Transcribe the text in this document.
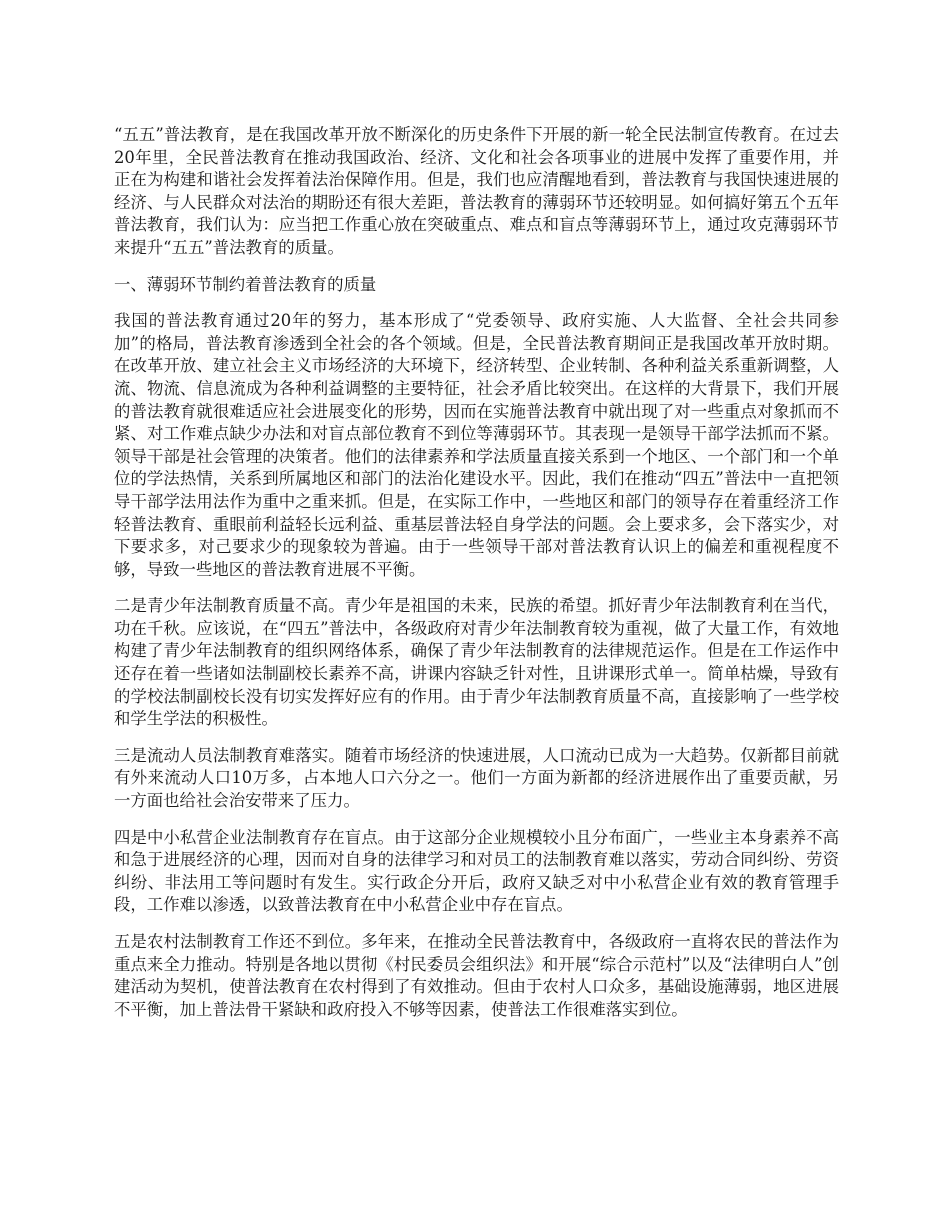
“五五”普法教育，是在我国改革开放不断深化的历史条件下开展的新一轮全民法制宣传教育。在过去20年里，全民普法教育在推动我国政治、经济、文化和社会各项事业的进展中发挥了重要作用，并正在为构建和谐社会发挥着法治保障作用。但是，我们也应清醒地看到，普法教育与我国快速进展的经济、与人民群众对法治的期盼还有很大差距，普法教育的薄弱环节还较明显。如何搞好第五个五年普法教育，我们认为：应当把工作重心放在突破重点、难点和盲点等薄弱环节上，通过攻克薄弱环节来提升“五五”普法教育的质量。

一、薄弱环节制约着普法教育的质量

我国的普法教育通过20年的努力，基本形成了“党委领导、政府实施、人大监督、全社会共同参加”的格局，普法教育渗透到全社会的各个领域。但是，全民普法教育期间正是我国改革开放时期。在改革开放、建立社会主义市场经济的大环境下，经济转型、企业转制、各种利益关系重新调整，人流、物流、信息流成为各种利益调整的主要特征，社会矛盾比较突出。在这样的大背景下，我们开展的普法教育就很难适应社会进展变化的形势，因而在实施普法教育中就出现了对一些重点对象抓而不紧、对工作难点缺少办法和对盲点部位教育不到位等薄弱环节。其表现一是领导干部学法抓而不紧。领导干部是社会管理的决策者。他们的法律素养和学法质量直接关系到一个地区、一个部门和一个单位的学法热情，关系到所属地区和部门的法治化建设水平。因此，我们在推动“四五”普法中一直把领导干部学法用法作为重中之重来抓。但是，在实际工作中，一些地区和部门的领导存在着重经济工作轻普法教育、重眼前利益轻长远利益、重基层普法轻自身学法的问题。会上要求多，会下落实少，对下要求多，对己要求少的现象较为普遍。由于一些领导干部对普法教育认识上的偏差和重视程度不够，导致一些地区的普法教育进展不平衡。

二是青少年法制教育质量不高。青少年是祖国的未来，民族的希望。抓好青少年法制教育利在当代，功在千秋。应该说，在“四五”普法中，各级政府对青少年法制教育较为重视，做了大量工作，有效地构建了青少年法制教育的组织网络体系，确保了青少年法制教育的法律规范运作。但是在工作运作中还存在着一些诸如法制副校长素养不高，讲课内容缺乏针对性，且讲课形式单一。简单枯燥，导致有的学校法制副校长没有切实发挥好应有的作用。由于青少年法制教育质量不高，直接影响了一些学校和学生学法的积极性。

三是流动人员法制教育难落实。随着市场经济的快速进展，人口流动已成为一大趋势。仅新都目前就有外来流动人口10万多，占本地人口六分之一。他们一方面为新都的经济进展作出了重要贡献，另一方面也给社会治安带来了压力。

四是中小私营企业法制教育存在盲点。由于这部分企业规模较小且分布面广，一些业主本身素养不高和急于进展经济的心理，因而对自身的法律学习和对员工的法制教育难以落实，劳动合同纠纷、劳资纠纷、非法用工等问题时有发生。实行政企分开后，政府又缺乏对中小私营企业有效的教育管理手段，工作难以渗透，以致普法教育在中小私营企业中存在盲点。

五是农村法制教育工作还不到位。多年来，在推动全民普法教育中，各级政府一直将农民的普法作为重点来全力推动。特别是各地以贯彻《村民委员会组织法》和开展“综合示范村”以及“法律明白人”创建活动为契机，使普法教育在农村得到了有效推动。但由于农村人口众多，基础设施薄弱，地区进展不平衡，加上普法骨干紧缺和政府投入不够等因素，使普法工作很难落实到位。
